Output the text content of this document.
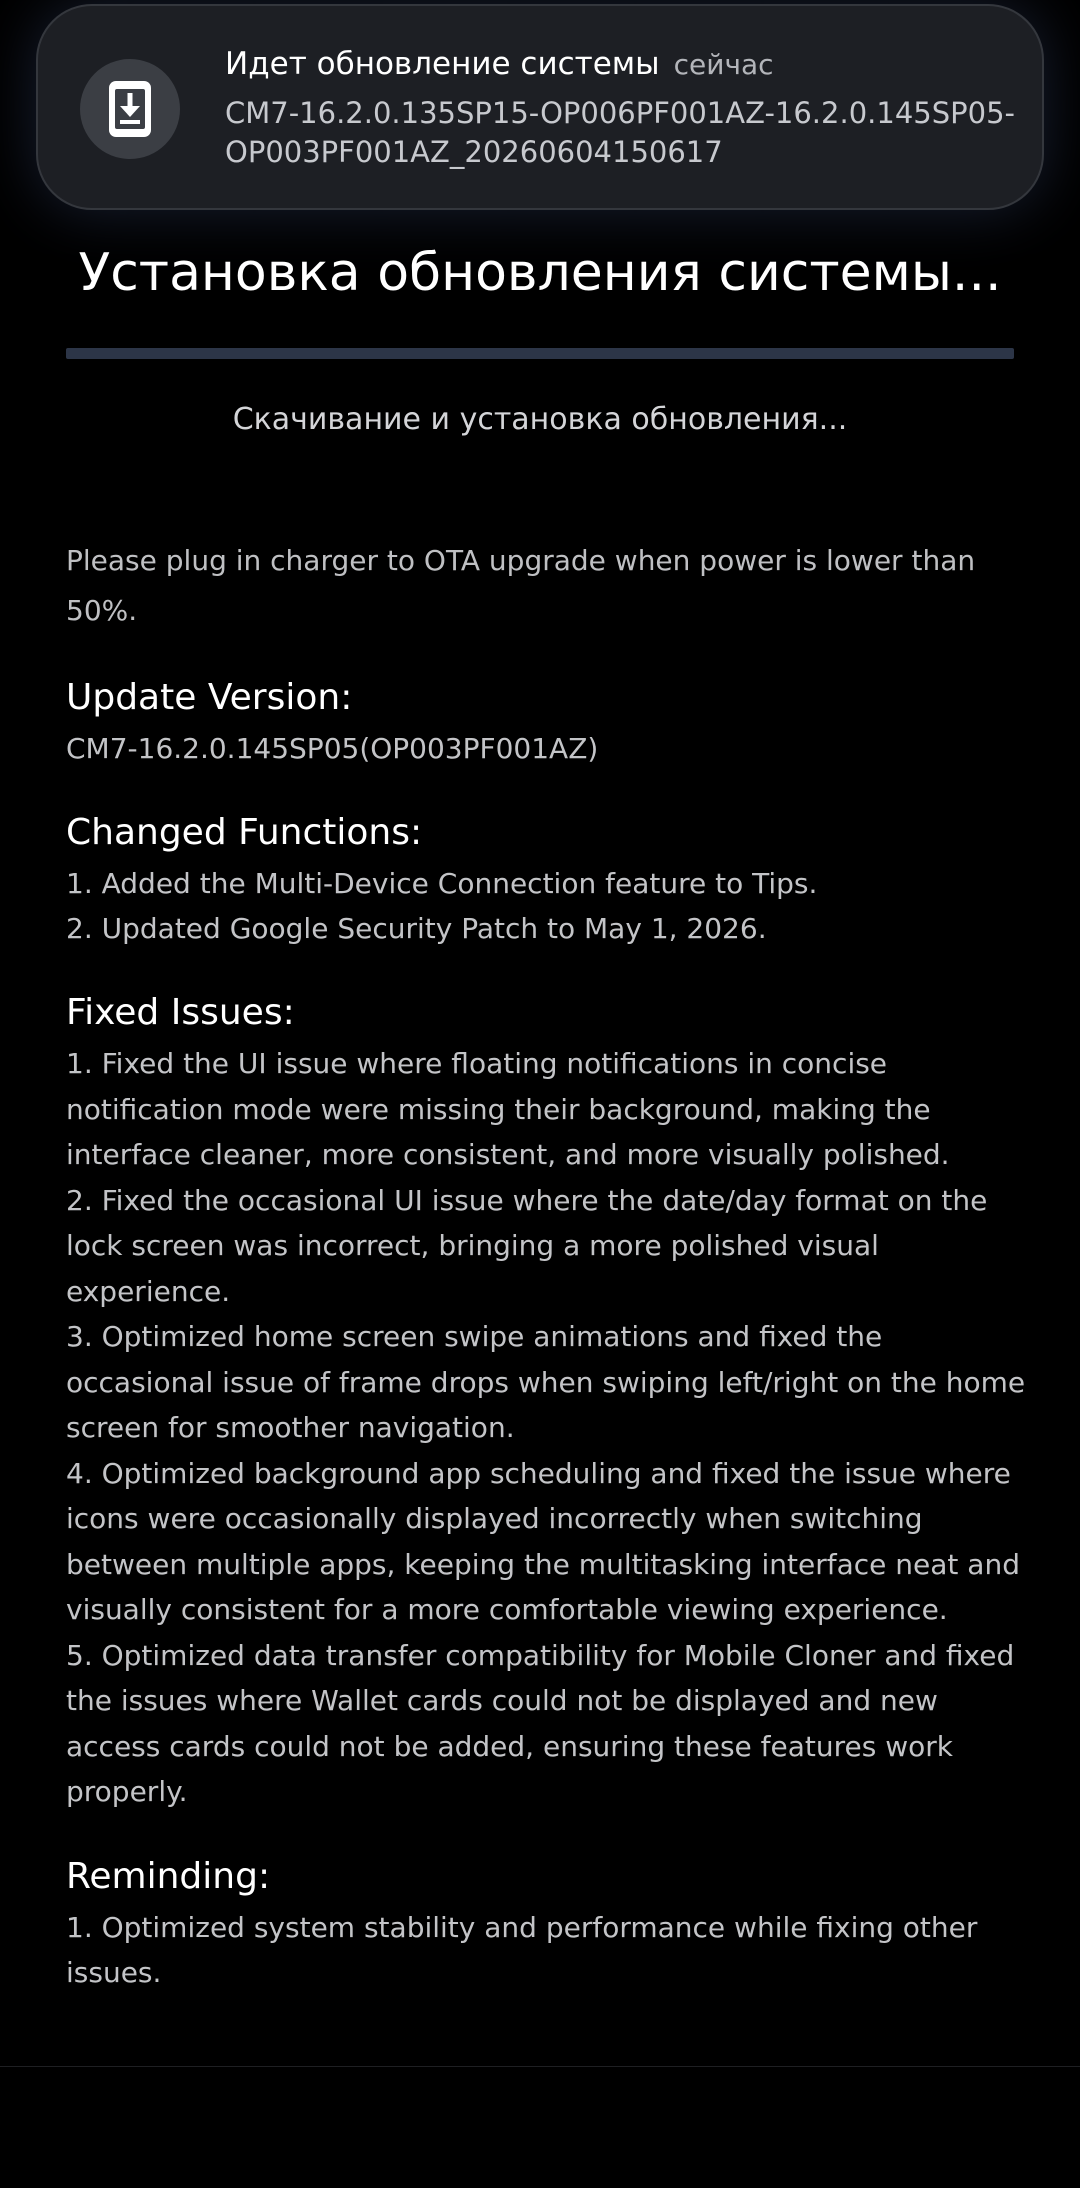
Идет обновление системы сейчас
CM7-16.2.0.135SP15-OP006PF001AZ-16.2.0.145SP05-OP003PF001AZ_20260604150617
Установка обновления системы...
Скачивание и установка обновления...
Please plug in charger to OTA upgrade when power is lower than 50%.
Update Version:
CM7-16.2.0.145SP05(OP003PF001AZ)
Changed Functions:
1. Added the Multi-Device Connection feature to Tips.
2. Updated Google Security Patch to May 1, 2026.
Fixed Issues:
1. Fixed the UI issue where floating notifications in concise notification mode were missing their background, making the interface cleaner, more consistent, and more visually polished.
2. Fixed the occasional UI issue where the date/day format on the lock screen was incorrect, bringing a more polished visual experience.
3. Optimized home screen swipe animations and fixed the occasional issue of frame drops when swiping left/right on the home screen for smoother navigation.
4. Optimized background app scheduling and fixed the issue where icons were occasionally displayed incorrectly when switching between multiple apps, keeping the multitasking interface neat and visually consistent for a more comfortable viewing experience.
5. Optimized data transfer compatibility for Mobile Cloner and fixed the issues where Wallet cards could not be displayed and new access cards could not be added, ensuring these features work properly.
Reminding:
1. Optimized system stability and performance while fixing other issues.
